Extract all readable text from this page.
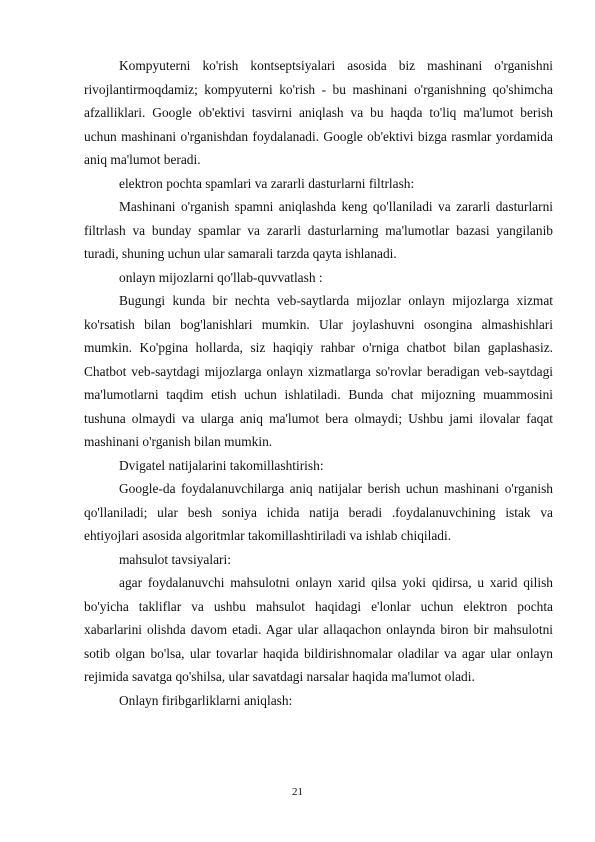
Kompyuterni ko'rish kontseptsiyalari asosida biz mashinani o'rganishni rivojlantirmoqdamiz; kompyuterni ko'rish - bu mashinani o'rganishning qo'shimcha afzalliklari. Google ob'ektivi tasvirni aniqlash va bu haqda to'liq ma'lumot berish uchun mashinani o'rganishdan foydalanadi. Google ob'ektivi bizga rasmlar yordamida aniq ma'lumot beradi.

elektron pochta spamlari va zararli dasturlarni filtrlash:

Mashinani o'rganish spamni aniqlashda keng qo'llaniladi va zararli dasturlarni filtrlash va bunday spamlar va zararli dasturlarning ma'lumotlar bazasi yangilanib turadi, shuning uchun ular samarali tarzda qayta ishlanadi.

onlayn mijozlarni qo'llab-quvvatlash :

Bugungi kunda bir nechta veb-saytlarda mijozlar onlayn mijozlarga xizmat ko'rsatish bilan bog'lanishlari mumkin. Ular joylashuvni osongina almashishlari mumkin. Ko'pgina hollarda, siz haqiqiy rahbar o'rniga chatbot bilan gaplashasiz. Chatbot veb-saytdagi mijozlarga onlayn xizmatlarga so'rovlar beradigan veb-saytdagi ma'lumotlarni taqdim etish uchun ishlatiladi. Bunda chat mijozning muammosini tushuna olmaydi va ularga aniq ma'lumot bera olmaydi; Ushbu jami ilovalar faqat mashinani o'rganish bilan mumkin.

Dvigatel natijalarini takomillashtirish:

Google-da foydalanuvchilarga aniq natijalar berish uchun mashinani o'rganish qo'llaniladi; ular besh soniya ichida natija beradi .foydalanuvchining istak va ehtiyojlari asosida algoritmlar takomillashtiriladi va ishlab chiqiladi.

mahsulot tavsiyalari:

agar foydalanuvchi mahsulotni onlayn xarid qilsa yoki qidirsa, u xarid qilish bo'yicha takliflar va ushbu mahsulot haqidagi e'lonlar uchun elektron pochta xabarlarini olishda davom etadi. Agar ular allaqachon onlaynda biron bir mahsulotni sotib olgan bo'lsa, ular tovarlar haqida bildirishnomalar oladilar va agar ular onlayn rejimida savatga qo'shilsa, ular savatdagi narsalar haqida ma'lumot oladi.

Onlayn firibgarliklarni aniqlash:

21
